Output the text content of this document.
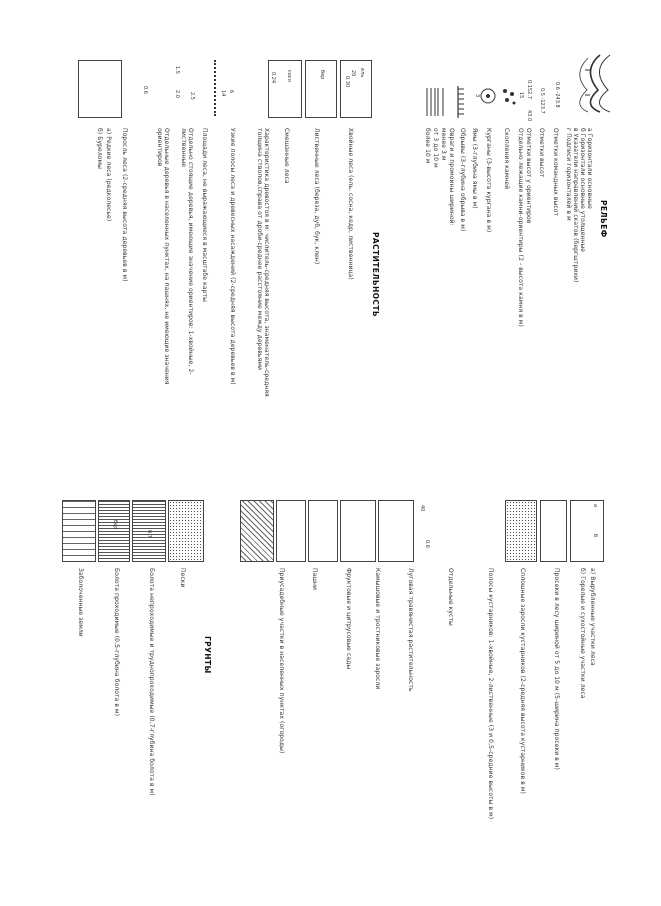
РЕЛЬЕФ
а Горизонтали основные
б Горизонтали основные утолщенные
в Указатели направлений скатов (бергштрихи)
г Подписи горизонталей в м
Отметки командных высот
Отметки высот
Отметки высот у ориентиров
Отдельно лежащие камни-ориентиры (2 - высота камня в м)
Скопления камней
Курганы (3-высота кургана в м)
Ямы (3-глубина ямы в м)
Обрывы (3-глубина обрыва в м)
Овраги и промоины шириной:
менее 3 м
от 3 до 10 м
более 10 м
0.6 -243.8
0.5 -123.7
0.152.7
43.0
15
3
РАСТИТЕЛЬНОСТЬ
Хвойные леса (ель, сосна, кедр, лиственница)
Лиственные леса (береза, дуб, бук, клен)
Смешанные леса
Характеристика древостоя в м: числитель-средняя высота, знаменатель-средняя толщина стволов,справа от дроби-среднее расстояние между деревьями
Узкие полосы леса и древесных насаждений (2-средняя высота деревьев в м)
Площади леса, не выражающиеся в масштабе карты
Отдельно стоящие деревья, имеющие значение ориентиров: 1-хвойные, 2-лиственные
Отдельные деревья в населенных пунктах, на пашнях, не имеющие значения ориентиров
Поросль леса (2-средняя высота деревьев в м)
а) Редкие леса (редколесье)
б) Буреломы
ель
20
0.30
бер
сосн
0.24
6
14
2.5
1.5
0.6
2.0
а) Вырубленные участки леса
б) Горелые и сухостойные участки леса
Просеки в лесу шириной от 5 до 10 м (5-ширина просеки в м)
Сплошные заросли кустарников (2-средняя высота кустарников в м)
Полосы кустарников: 1-хвойные, 2-лиственные (3 и 0,5-средние высоты в м)
Отдельные кусты
Луговая травянистая растительность
Камышовые и тростниковые заросли
Фруктовые и цитрусовые сады
Пашни
Приусадебные участки в населенных пунктах (огороды)
а
б
40
0.6
ГРУНТЫ
Пески
Болота непроходимые и труднопроходимые (0,7-глубина болота в м)
Болота проходимые (0,5-глубина болота в м)
Заболоченные земли
0.7
бер
